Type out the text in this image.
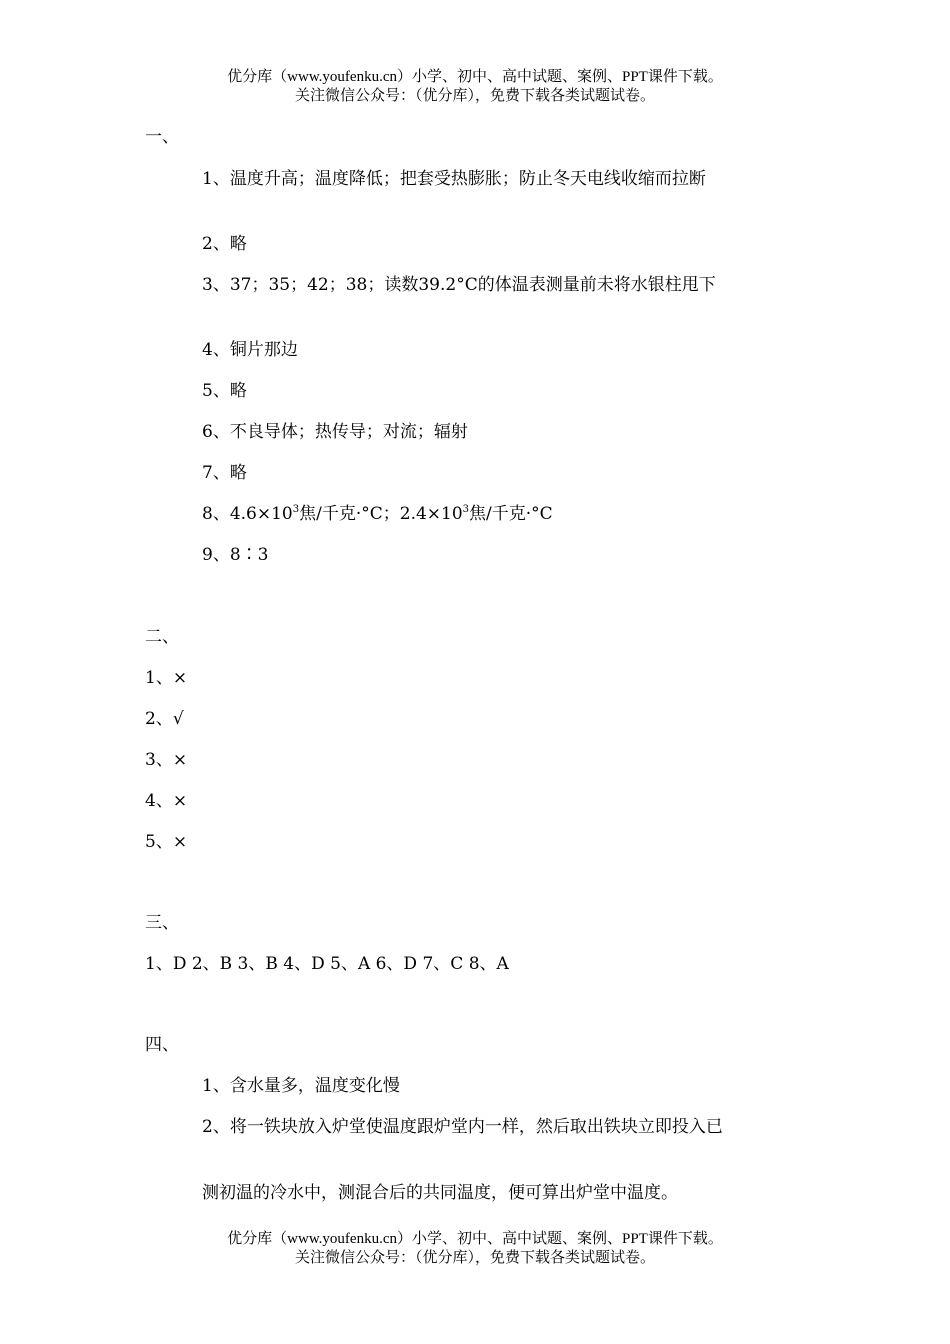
优分库（www.youfenku.cn）小学、初中、高中试题、案例、PPT课件下载。
关注微信公众号：（优分库），免费下载各类试题试卷。
一、
1、温度升高；温度降低；把套受热膨胀；防止冬天电线收缩而拉断
2、略
3、37；35；42；38；读数39.2°C的体温表测量前未将水银柱甩下
4、铜片那边
5、略
6、不良导体；热传导；对流；辐射
7、略
8、$4.6\times 10^3$焦/千克·°C；$2.4\times 10^3$焦/千克·°C
9、8∶3
二、
1、×
2、√
3、×
4、×
5、×
三、
1、D 2、B 3、B 4、D 5、A 6、D 7、C 8、A
四、
1、含水量多，温度变化慢
2、将一铁块放入炉堂使温度跟炉堂内一样，然后取出铁块立即投入已
测初温的冷水中，测混合后的共同温度，便可算出炉堂中温度。
优分库（www.youfenku.cn）小学、初中、高中试题、案例、PPT课件下载。
关注微信公众号：（优分库），免费下载各类试题试卷。
